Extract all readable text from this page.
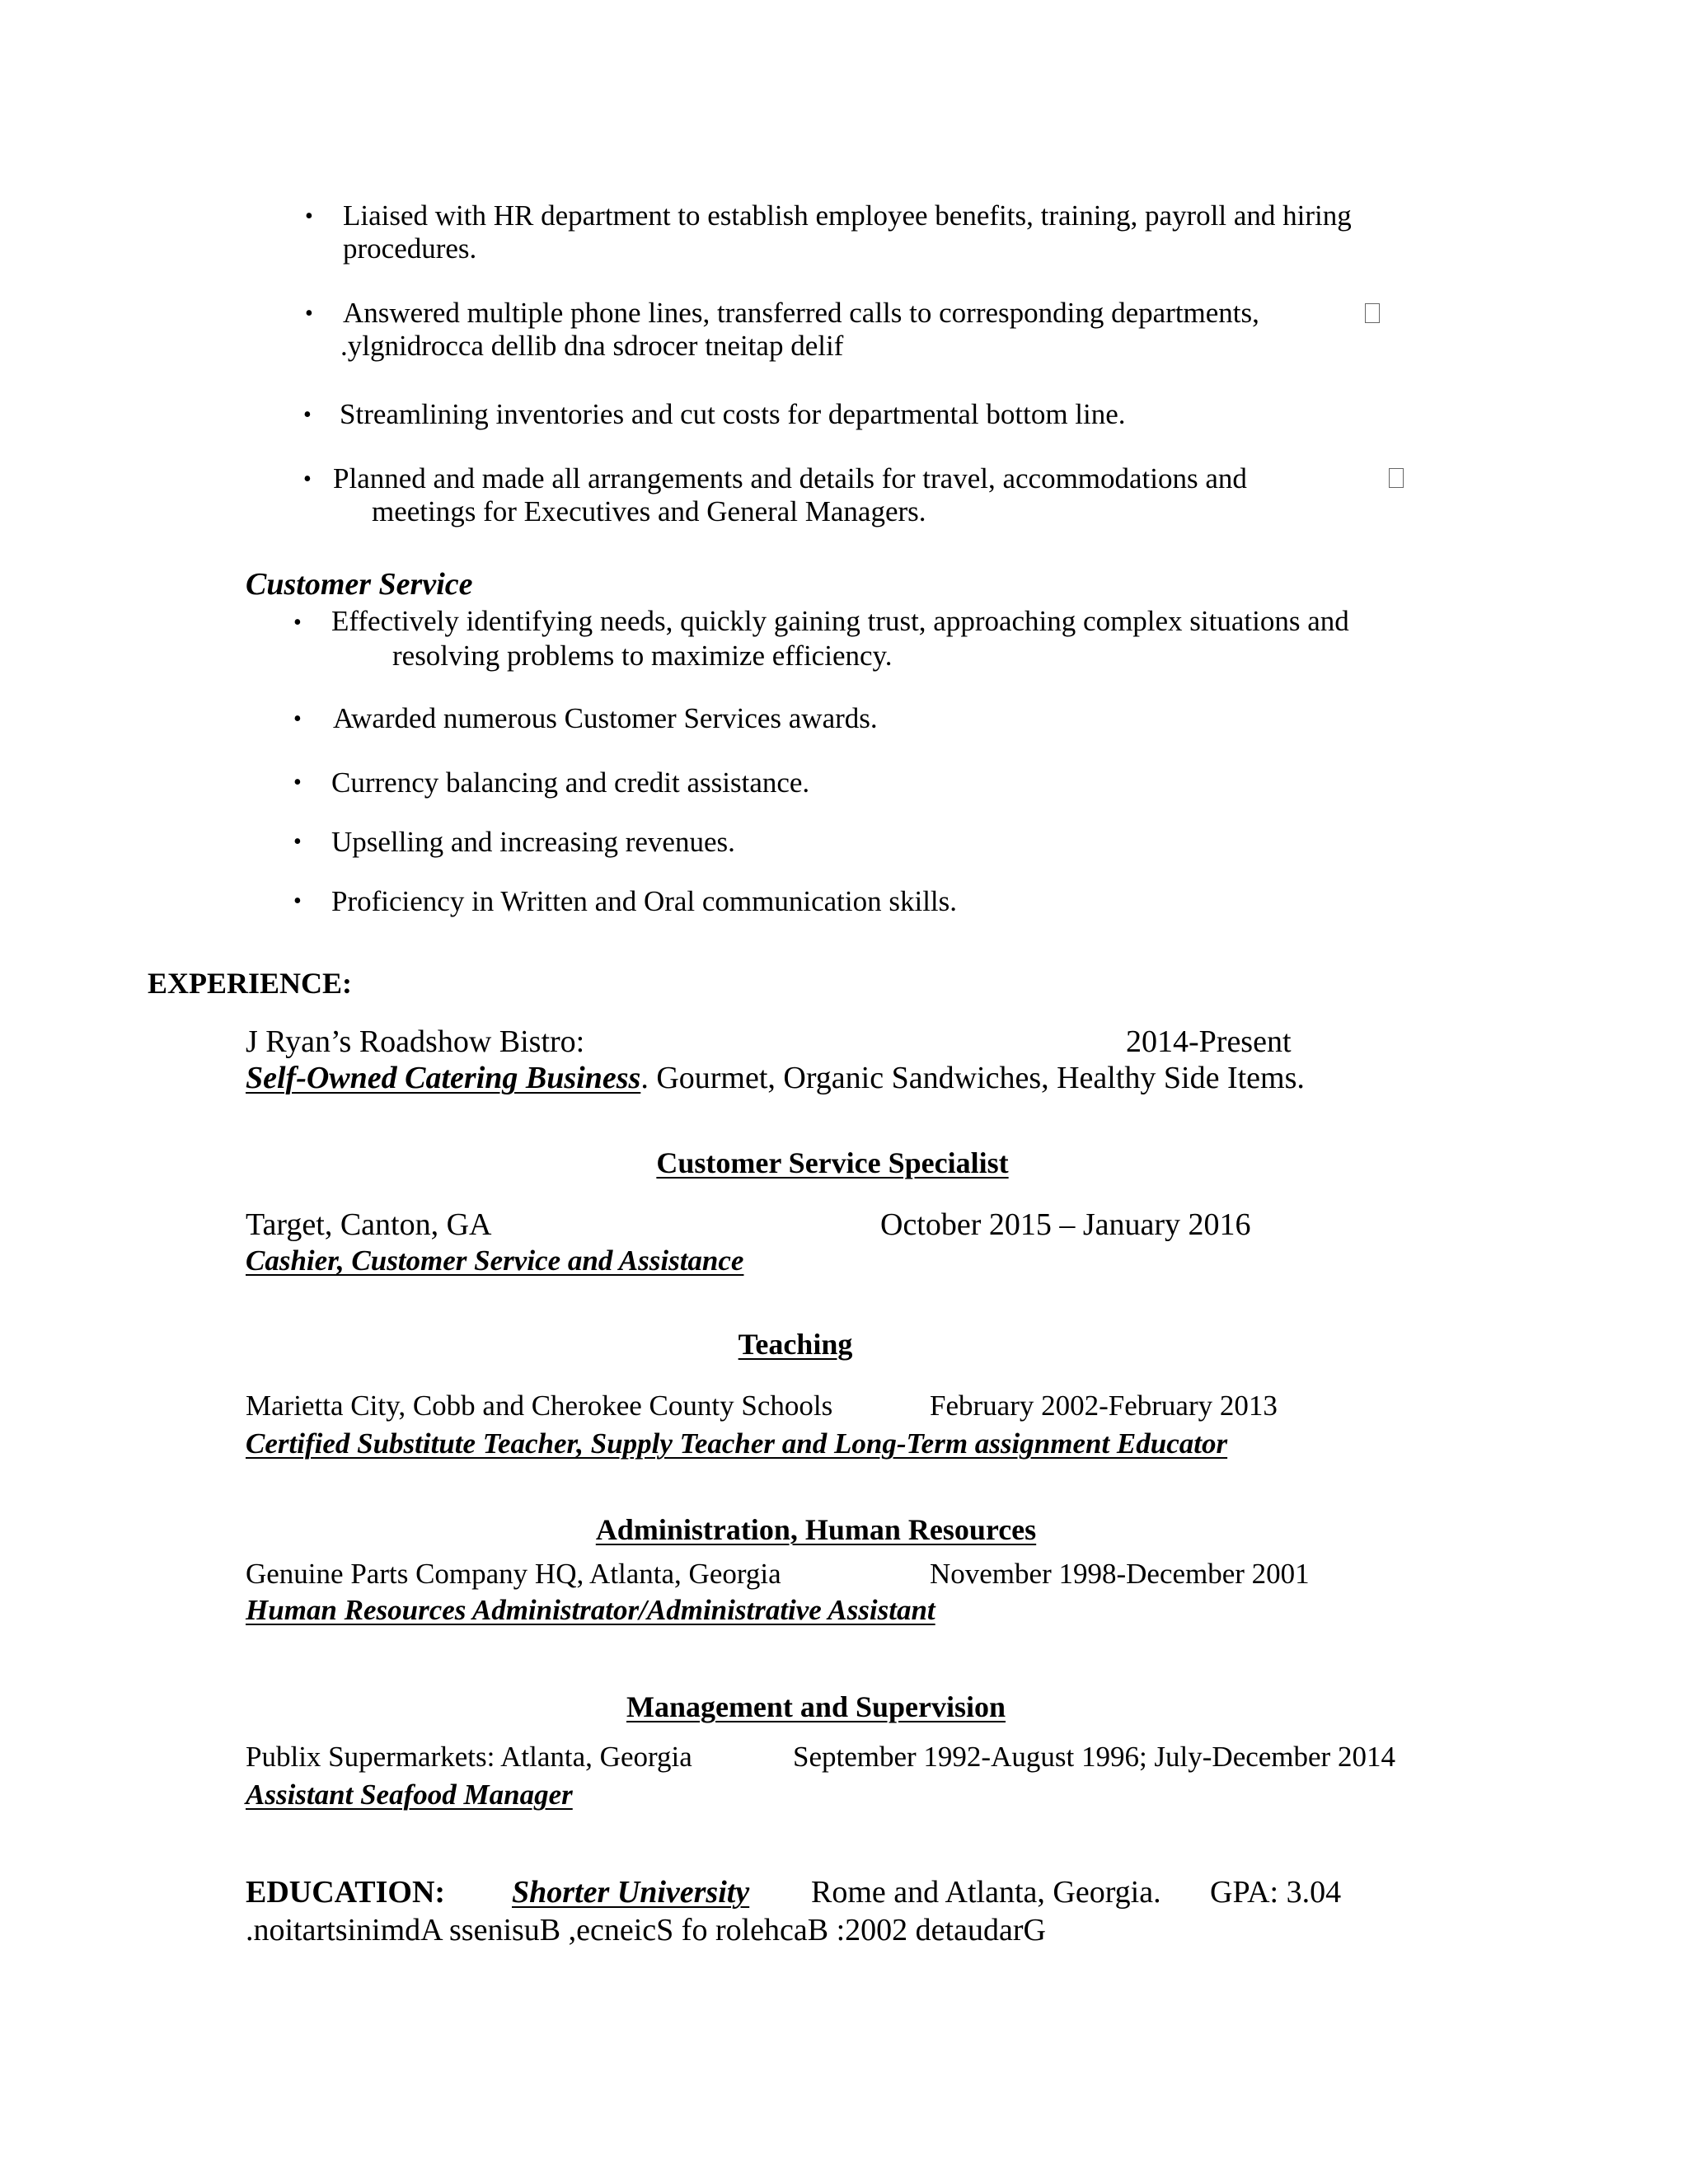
• Liaised with HR department to establish employee benefits, training, payroll and hiring
procedures.
• Answered multiple phone lines, transferred calls to corresponding departments,
.ylgnidrocca dellib dna sdrocer tneitap delif
• Streamlining inventories and cut costs for departmental bottom line.
• Planned and made all arrangements and details for travel, accommodations and
meetings for Executives and General Managers.
Customer Service
• Effectively identifying needs, quickly gaining trust, approaching complex situations and
resolving problems to maximize efficiency.
• Awarded numerous Customer Services awards.
• Currency balancing and credit assistance.
• Upselling and increasing revenues.
• Proficiency in Written and Oral communication skills.
EXPERIENCE:
J Ryan’s Roadshow Bistro:	2014-Present
Self-Owned Catering Business. Gourmet, Organic Sandwiches, Healthy Side Items.
Customer Service Specialist
Target, Canton, GA	October 2015 – January 2016
Cashier, Customer Service and Assistance
Teaching
Marietta City, Cobb and Cherokee County Schools	February 2002-February 2013
Certified Substitute Teacher, Supply Teacher and Long-Term assignment Educator
Administration, Human Resources
Genuine Parts Company HQ, Atlanta, Georgia	November 1998-December 2001
Human Resources Administrator/Administrative Assistant
Management and Supervision
Publix Supermarkets: Atlanta, Georgia	September 1992-August 1996; July-December 2014
Assistant Seafood Manager
EDUCATION: Shorter University Rome and Atlanta, Georgia. GPA: 3.04
.noitartsinimdA ssenisuB ,ecneicS fo rolehcaB :2002 detaudarG
